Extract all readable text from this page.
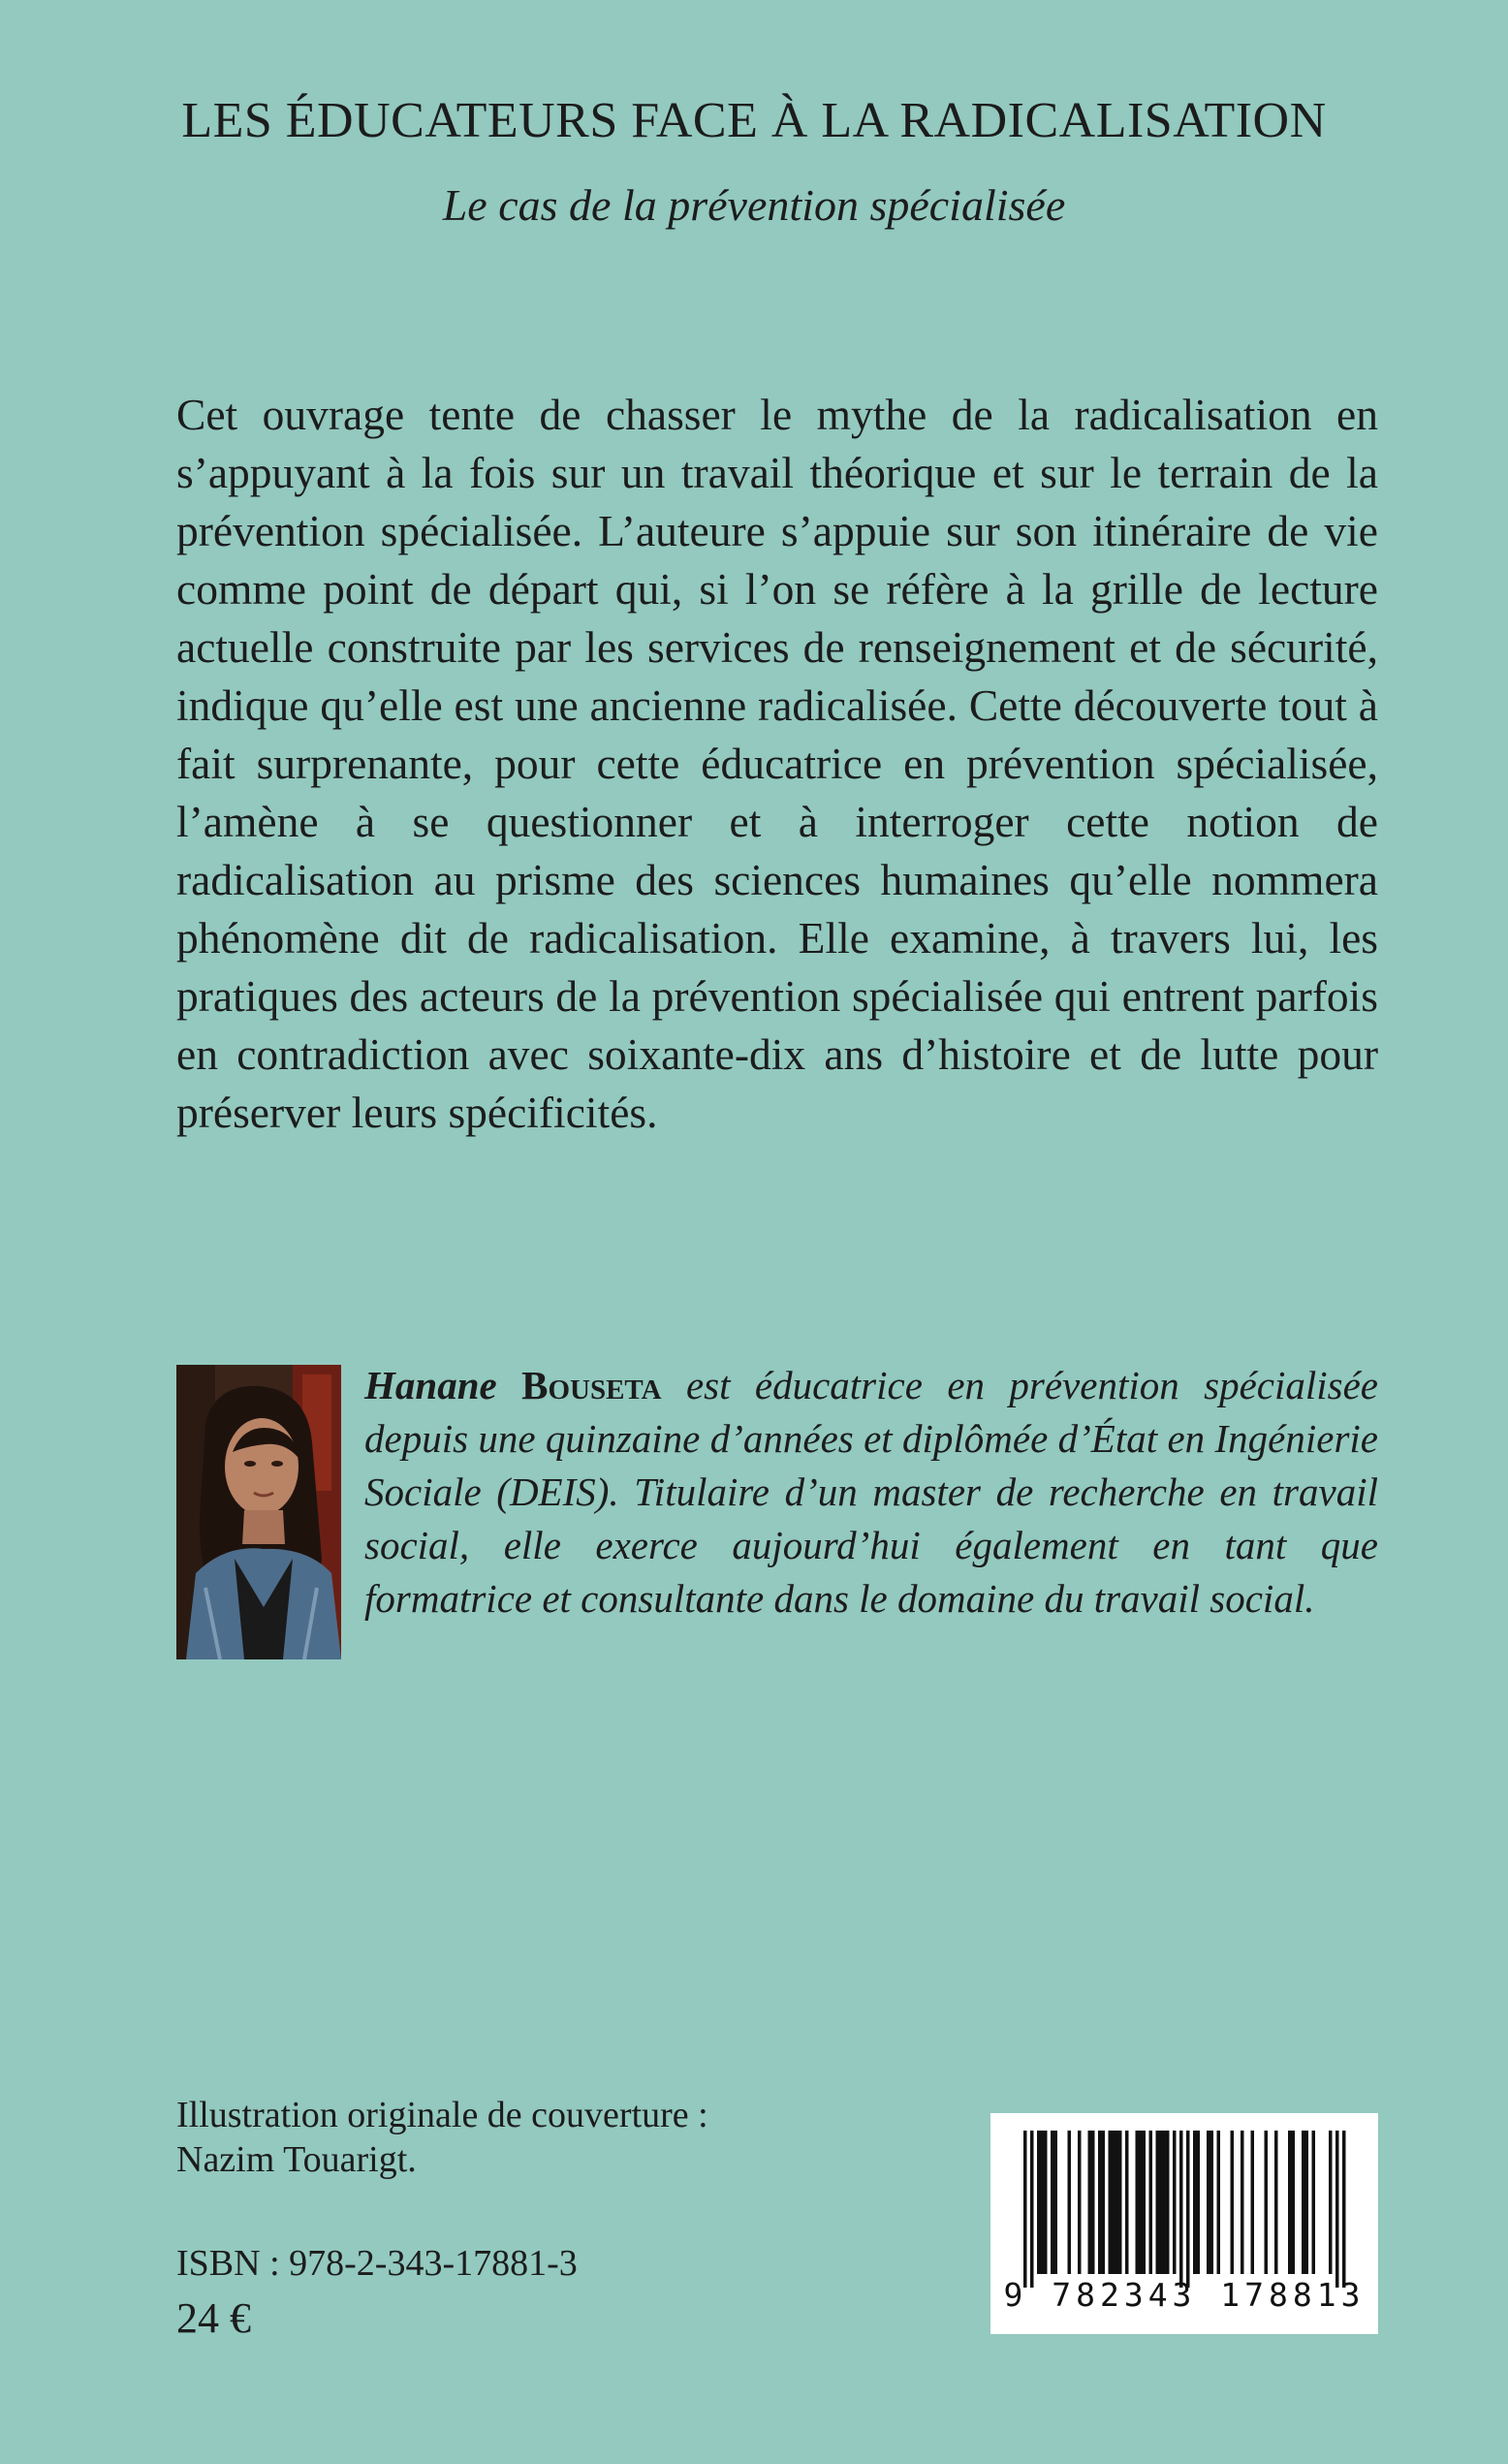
LES ÉDUCATEURS FACE À LA RADICALISATION

Le cas de la prévention spécialisée

Cet ouvrage tente de chasser le mythe de la radicalisation en s’appuyant à la fois sur un travail théorique et sur le terrain de la prévention spécialisée. L’auteure s’appuie sur son itinéraire de vie comme point de départ qui, si l’on se réfère à la grille de lecture actuelle construite par les services de renseignement et de sécurité, indique qu’elle est une ancienne radicalisée. Cette découverte tout à fait surprenante, pour cette éducatrice en prévention spécialisée, l’amène à se questionner et à interroger cette notion de radicalisation au prisme des sciences humaines qu’elle nommera phénomène dit de radicalisation. Elle examine, à travers lui, les pratiques des acteurs de la prévention spécialisée qui entrent parfois en contradiction avec soixante-dix ans d’histoire et de lutte pour préserver leurs spécificités.

Hanane Bouseta est éducatrice en prévention spécialisée depuis une quinzaine d’années et diplômée d’État en Ingénierie Sociale (DEIS). Titulaire d’un master de recherche en travail social, elle exerce aujourd’hui également en tant que formatrice et consultante dans le domaine du travail social.

Illustration originale de couverture :

Nazim Touarigt.

ISBN : 978-2-343-17881-3

24 €	9 782343 178813
